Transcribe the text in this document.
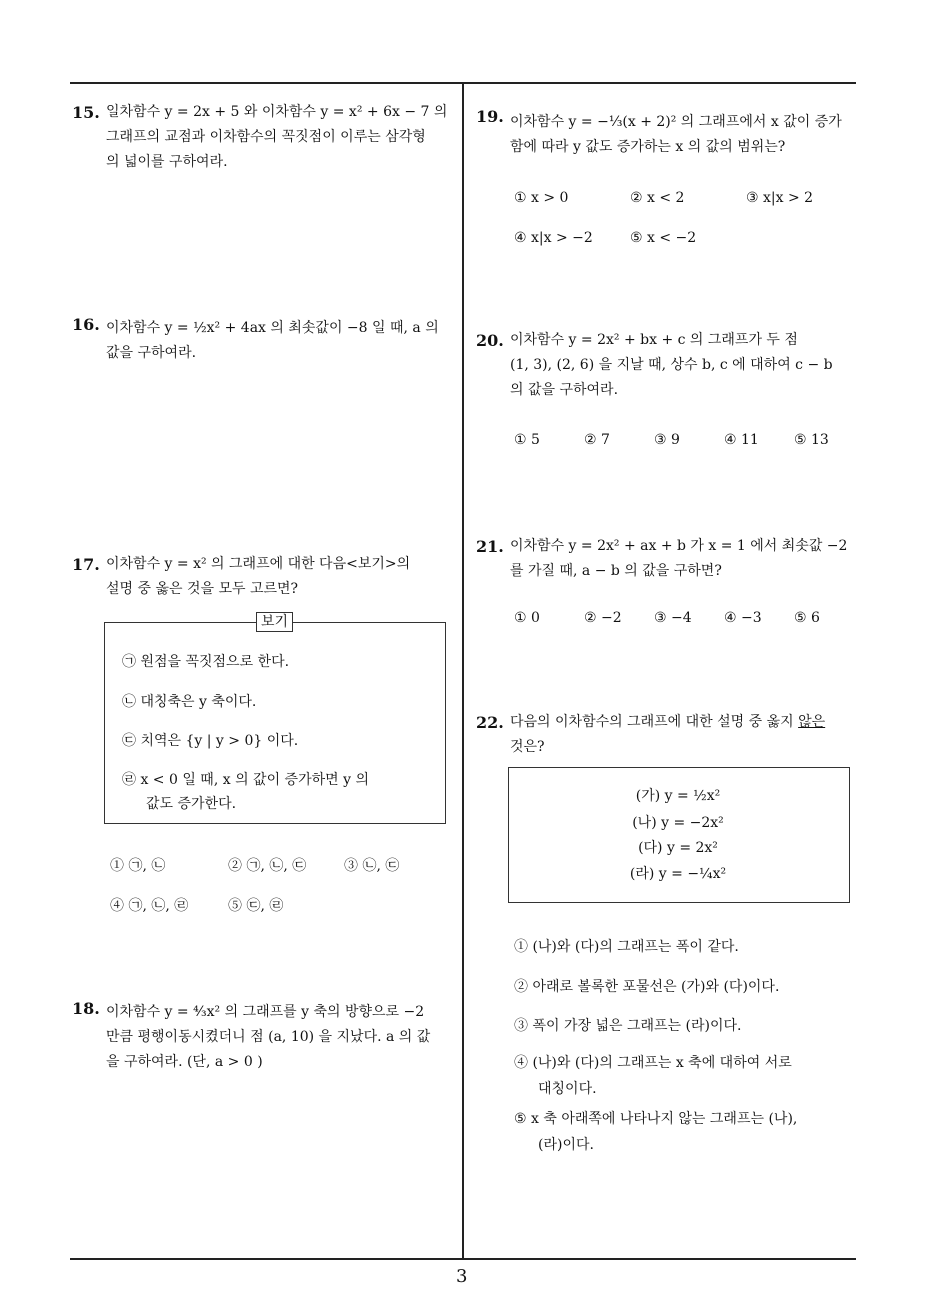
3
15. 일차함수 y = 2x + 5 와 이차함수 y = x² + 6x − 7 의
그래프의 교점과 이차함수의 꼭짓점이 이루는 삼각형
의 넓이를 구하여라.
16. 이차함수 y = ½x² + 4ax 의 최솟값이 −8 일 때, a 의
값을 구하여라.
17. 이차함수 y = x² 의 그래프에 대한 다음<보기>의
설명 중 옳은 것을 모두 고르면?
보기
㉠ 원점을 꼭짓점으로 한다.
㉡ 대칭축은 y 축이다.
㉢ 치역은 {y | y > 0} 이다.
㉣ x < 0 일 때, x 의 값이 증가하면 y 의
값도 증가한다.
① ㉠, ㉡	② ㉠, ㉡, ㉢	③ ㉡, ㉢
④ ㉠, ㉡, ㉣	⑤ ㉢, ㉣
18. 이차함수 y = ⁴⁄₃x² 의 그래프를 y 축의 방향으로 −2
만큼 평행이동시켰더니 점 (a, 10) 을 지났다. a 의 값
을 구하여라. (단, a > 0 )
19. 이차함수 y = −⅓(x + 2)² 의 그래프에서 x 값이 증가
함에 따라 y 값도 증가하는 x 의 값의 범위는?
① x > 0	② x < 2	③ x|x > 2
④ x|x > −2	⑤ x < −2
20. 이차함수 y = 2x² + bx + c 의 그래프가 두 점
(1, 3), (2, 6) 을 지날 때, 상수 b, c 에 대하여 c − b
의 값을 구하여라.
① 5	② 7	③ 9	④ 11	⑤ 13
21. 이차함수 y = 2x² + ax + b 가 x = 1 에서 최솟값 −2
를 가질 때, a − b 의 값을 구하면?
① 0	② −2 ③ −4 ④ −3 ⑤ 6
22. 다음의 이차함수의 그래프에 대한 설명 중 옳지 않은
것은?
(가) y = ½x²
(나) y = −2x²
(다) y = 2x²
(라) y = −¼x²
① (나)와 (다)의 그래프는 폭이 같다.
② 아래로 볼록한 포물선은 (가)와 (다)이다.
③ 폭이 가장 넓은 그래프는 (라)이다.
④ (나)와 (다)의 그래프는 x 축에 대하여 서로
대칭이다.
⑤ x 축 아래쪽에 나타나지 않는 그래프는 (나),
(라)이다.
